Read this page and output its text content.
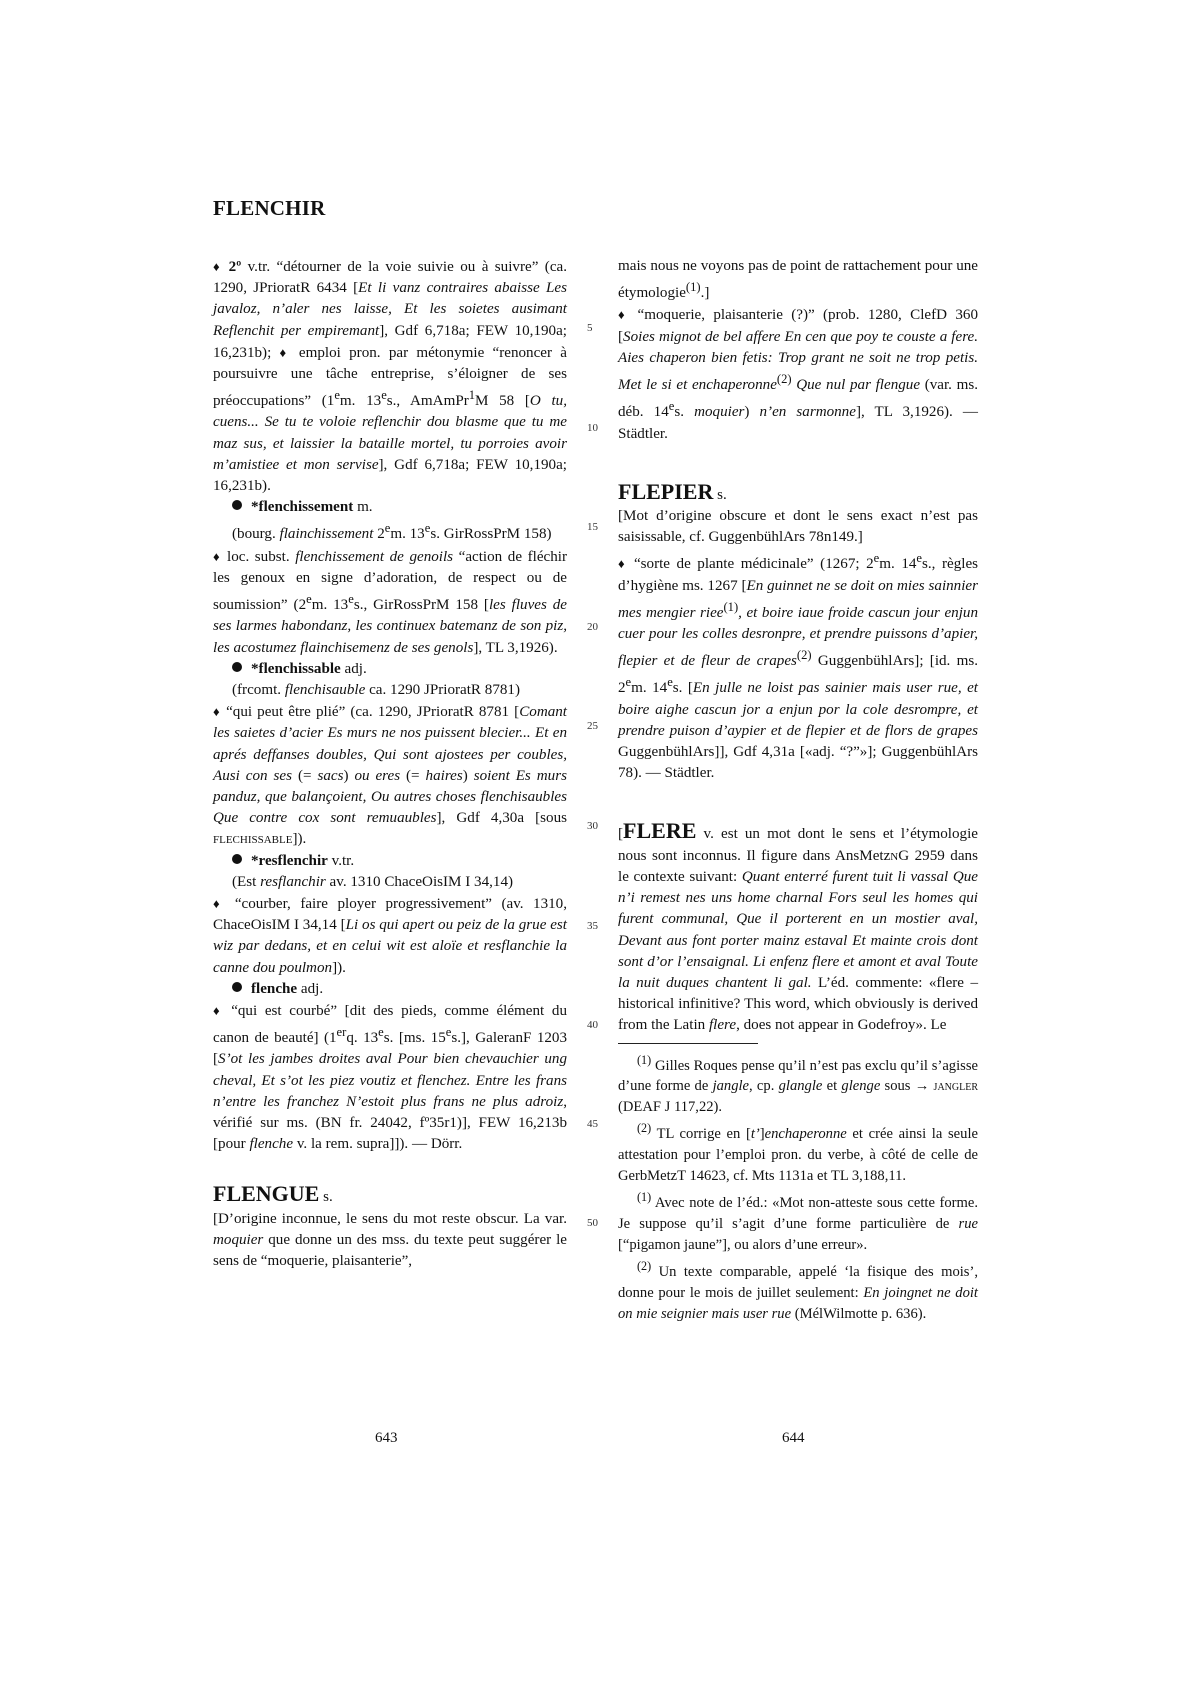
FLENCHIR

♦ 2º v.tr. “détourner de la voie suivie ou à suivre” (ca. 1290, JPrioratR 6434 [Et li vanz contraires abaisse Les javaloz, n’aler nes laisse, Et les soietes ausimant Reflenchit per empiremant], Gdf 6,718a; FEW 10,190a; 16,231b); ♦ emploi pron. par métonymie “renoncer à poursuivre une tâche entreprise, s’éloigner de ses préoccupations” (1em. 13es., AmAmPr$^1$M 58 [O tu, cuens... Se tu te voloie reflenchir dou blasme que tu me maz sus, et laissier la bataille mortel, tu porroies avoir m’amistiee et mon servise], Gdf 6,718a; FEW 10,190a; 16,231b).

*flenchissement m.

(bourg. flainchissement 2em. 13es. GirRossPrM 158)

♦ loc. subst. flenchissement de genoils “action de fléchir les genoux en signe d’adoration, de respect ou de soumission” (2em. 13es., GirRossPrM 158 [les fluves de ses larmes habondanz, les continuex batemanz de son piz, les acostumez flainchisemenz de ses genols], TL 3,1926).

*flenchissable adj.

(frcomt. flenchisauble ca. 1290 JPrioratR 8781)

♦ “qui peut être plié” (ca. 1290, JPrioratR 8781 [Comant les saietes d’acier Es murs ne nos puissent blecier... Et en aprés deffanses doubles, Qui sont ajostees per coubles, Ausi con ses (= sacs) ou eres (= haires) soient Es murs panduz, que balançoient, Ou autres choses flenchisaubles Que contre cox sont remuaubles], Gdf 4,30a [sous flechissable]).

*resflenchir v.tr.

(Est resflanchir av. 1310 ChaceOisIM I 34,14)

♦ “courber, faire ployer progressivement” (av. 1310, ChaceOisIM I 34,14 [Li os qui apert ou peiz de la grue est wiz par dedans, et en celui wit est aloïe et resflanchie la canne dou poulmon]).

flenche adj.

♦ “qui est courbé” [dit des pieds, comme élément du canon de beauté] (1erq. 13es. [ms. 15es.], GaleranF 1203 [S’ot les jambes droites aval Pour bien chevauchier ung cheval, Et s’ot les piez voutiz et flenchez. Entre les frans n’entre les franchez N’estoit plus frans ne plus adroiz, vérifié sur ms. (BN fr. 24042, fº35r1)], FEW 16,213b [pour flenche v. la rem. supra]]). — Dörr.

FLENGUE s.

[D’origine inconnue, le sens du mot reste obscur. La var. moquier que donne un des mss. du texte peut suggérer le sens de “moquerie, plaisanterie”,

5
10
15
20
25
30
35
40
45
50

mais nous ne voyons pas de point de rattachement pour une étymologie$^{(1)}$.]

♦ “moquerie, plaisanterie (?)” (prob. 1280, ClefD 360 [Soies mignot de bel affere En cen que poy te couste a fere. Aies chaperon bien fetis: Trop grant ne soit ne trop petis. Met le si et enchaperonne$^{(2)}$ Que nul par flengue (var. ms. déb. 14es. moquier) n’en sarmonne], TL 3,1926). — Städtler.

FLEPIER s.

[Mot d’origine obscure et dont le sens exact n’est pas saisissable, cf. GuggenbühlArs 78n149.]

♦ “sorte de plante médicinale” (1267; 2em. 14es., règles d’hygiène ms. 1267 [En guinnet ne se doit on mies sainnier mes mengier riee$^{(1)}$, et boire iaue froide cascun jour enjun cuer pour les colles desronpre, et prendre puissons d’apier, flepier et de fleur de crapes$^{(2)}$ GuggenbühlArs]; [id. ms. 2em. 14es. [En julle ne loist pas sainier mais user rue, et boire aighe cascun jor a enjun por la cole desrompre, et prendre puison d’aypier et de flepier et de flors de grapes GuggenbühlArs]], Gdf 4,31a [«adj. “?”»]; GuggenbühlArs 78). — Städtler.

[FLERE v. est un mot dont le sens et l’étymologie nous sont inconnus. Il figure dans AnsMetznG 2959 dans le contexte suivant: Quant enterré furent tuit li vassal Que n’i remest nes uns home charnal Fors seul les homes qui furent communal, Que il porterent en un mostier aval, Devant aus font porter mainz estaval Et mainte crois dont sont d’or l’ensaignal. Li enfenz flere et amont et aval Toute la nuit duques chantent li gal. L’éd. commente: «flere – historical infinitive? This word, which obviously is derived from the Latin flere, does not appear in Godefroy». Le

$^{(1)}$ Gilles Roques pense qu’il n’est pas exclu qu’il s’agisse d’une forme de jangle, cp. glangle et glenge sous → jangler (DEAF J 117,22).

$^{(2)}$ TL corrige en [t’]enchaperonne et crée ainsi la seule attestation pour l’emploi pron. du verbe, à côté de celle de GerbMetzT 14623, cf. Mts 1131a et TL 3,188,11.

$^{(1)}$ Avec note de l’éd.: «Mot non-atteste sous cette forme. Je suppose qu’il s’agit d’une forme particulière de rue [“pigamon jaune”], ou alors d’une erreur».

$^{(2)}$ Un texte comparable, appelé ‘la fisique des mois’, donne pour le mois de juillet seulement: En joingnet ne doit on mie seignier mais user rue (MélWilmotte p. 636).

643	644
